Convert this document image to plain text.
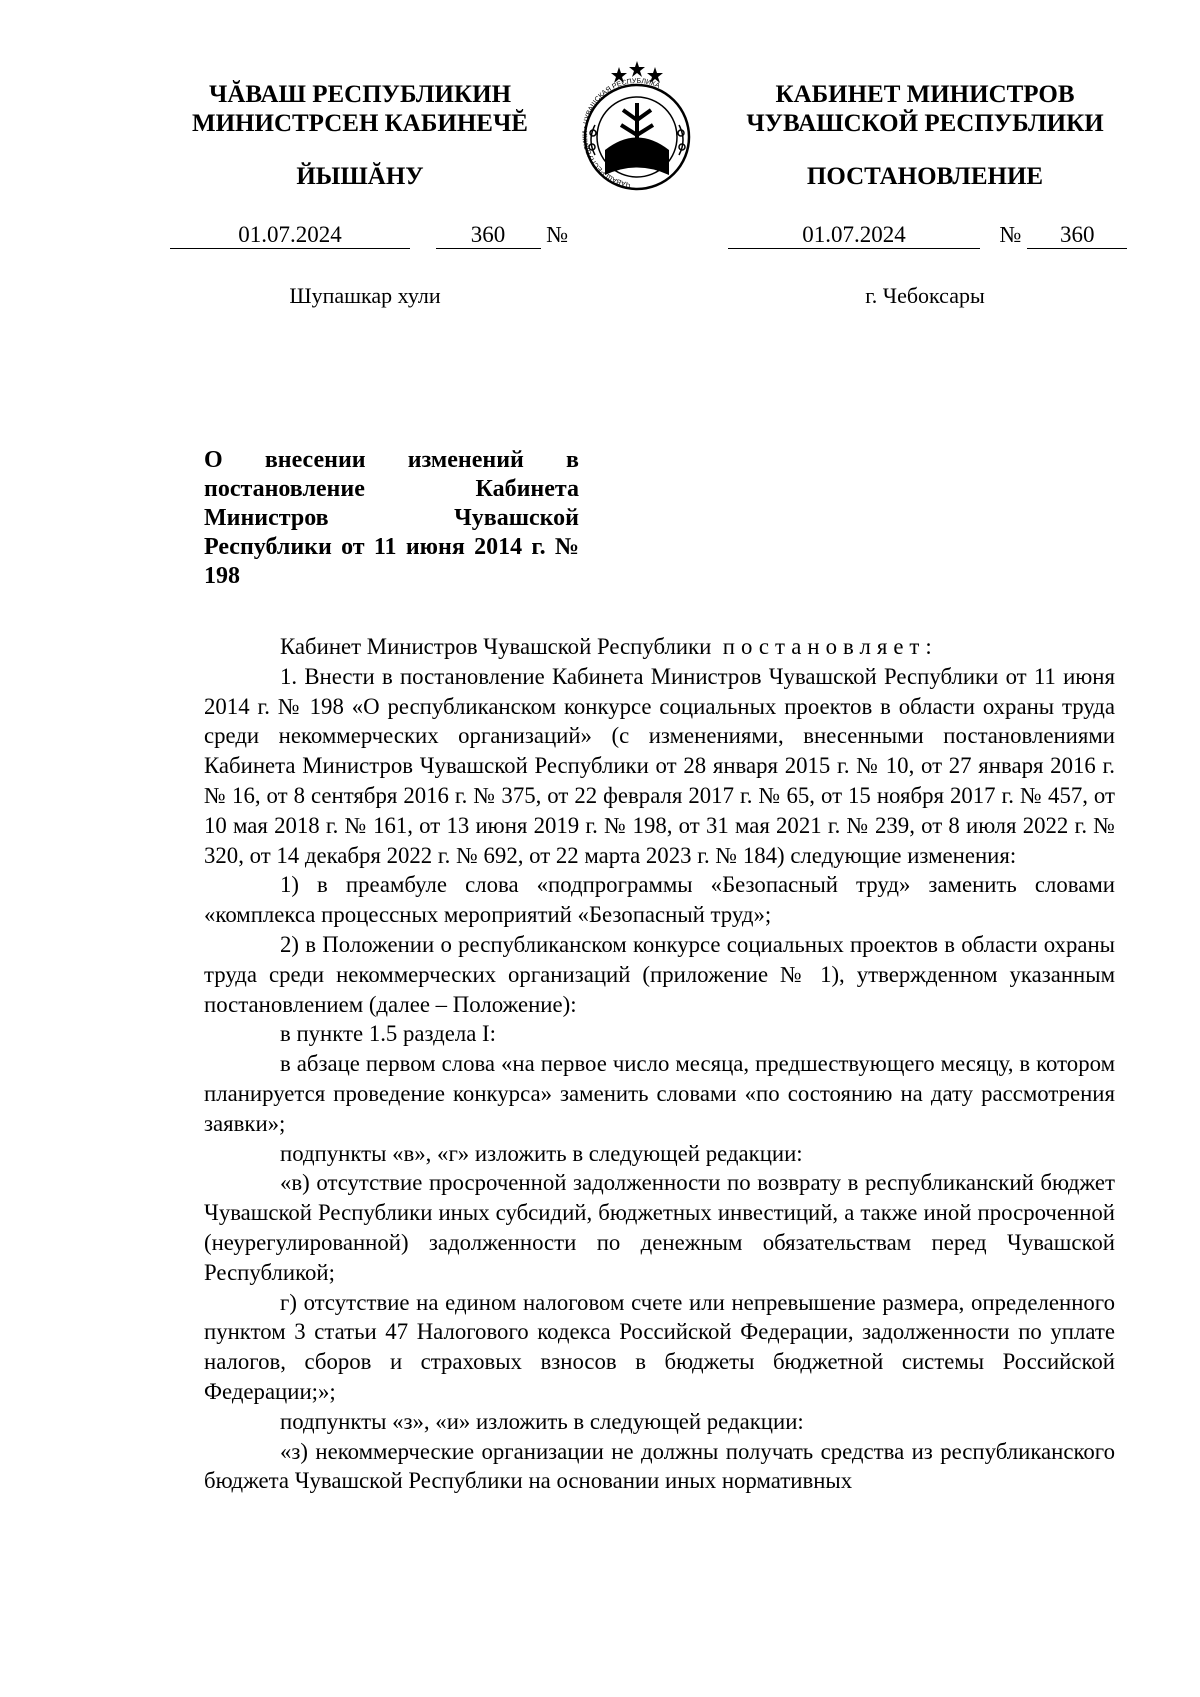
ЧĂВАШ РЕСПУБЛИКИН
МИНИСТРСЕН КАБИНЕЧĔ
ЙЫШĂНУ	ЧĂВАШ РЕСПУБЛИКИ • ЧУВАШСКАЯ РЕСПУБЛИКА	КАБИНЕТ МИНИСТРОВ
ЧУВАШСКОЙ РЕСПУБЛИКИ
ПОСТАНОВЛЕНИЕ
01.07.2024	360 №	01.07.2024	№ 360
Шупашкар хули	г. Чебоксары
О внесении изменений в постановление Кабинета Министров Чувашской Республики от 11 июня 2014 г. № 198

Кабинет Министров Чувашской Республики постановляет:

1. Внести в постановление Кабинета Министров Чувашской Республики от 11 июня 2014 г. № 198 «О республиканском конкурсе социальных проектов в области охраны труда среди некоммерческих организаций» (с изменениями, внесенными постановлениями Кабинета Министров Чувашской Республики от 28 января 2015 г. № 10, от 27 января 2016 г. № 16, от 8 сентября 2016 г. № 375, от 22 февраля 2017 г. № 65, от 15 ноября 2017 г. № 457, от 10 мая 2018 г. № 161, от 13 июня 2019 г. № 198, от 31 мая 2021 г. № 239, от 8 июля 2022 г. № 320, от 14 декабря 2022 г. № 692, от 22 марта 2023 г. № 184) следующие изменения:

1) в преамбуле слова «подпрограммы «Безопасный труд» заменить словами «комплекса процессных мероприятий «Безопасный труд»;

2) в Положении о республиканском конкурсе социальных проектов в области охраны труда среди некоммерческих организаций (приложение № 1), утвержденном указанным постановлением (далее – Положение):

в пункте 1.5 раздела I:

в абзаце первом слова «на первое число месяца, предшествующего месяцу, в котором планируется проведение конкурса» заменить словами «по состоянию на дату рассмотрения заявки»;

подпункты «в», «г» изложить в следующей редакции:

«в) отсутствие просроченной задолженности по возврату в республиканский бюджет Чувашской Республики иных субсидий, бюджетных инвестиций, а также иной просроченной (неурегулированной) задолженности по денежным обязательствам перед Чувашской Республикой;

г) отсутствие на едином налоговом счете или непревышение размера, определенного пунктом 3 статьи 47 Налогового кодекса Российской Федерации, задолженности по уплате налогов, сборов и страховых взносов в бюджеты бюджетной системы Российской Федерации;»;

подпункты «з», «и» изложить в следующей редакции:

«з) некоммерческие организации не должны получать средства из республиканского бюджета Чувашской Республики на основании иных нормативных
